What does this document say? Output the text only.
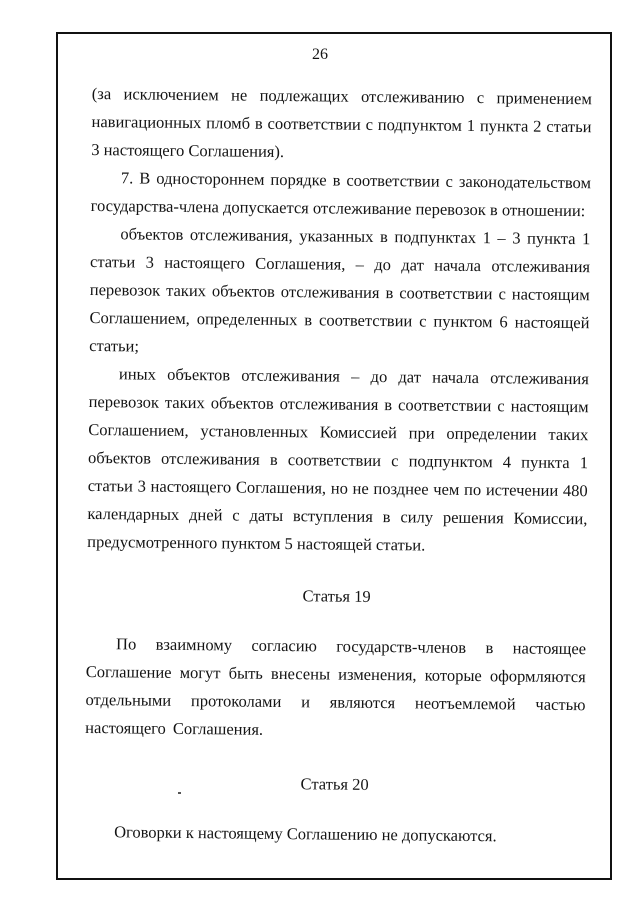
26

(за исключением не подлежащих отслеживанию с применением навигационных пломб в соответствии с подпунктом 1 пункта 2 статьи 3 настоящего Соглашения).

7. В одностороннем порядке в соответствии с законодательством государства-члена допускается отслеживание перевозок в отношении:

объектов отслеживания, указанных в подпунктах 1 – 3 пункта 1 статьи 3 настоящего Соглашения, – до дат начала отслеживания перевозок таких объектов отслеживания в соответствии с настоящим Соглашением, определенных в соответствии с пунктом 6 настоящей статьи;

иных объектов отслеживания – до дат начала отслеживания перевозок таких объектов отслеживания в соответствии с настоящим Соглашением, установленных Комиссией при определении таких объектов отслеживания в соответствии с подпунктом 4 пункта 1 статьи 3 настоящего Соглашения, но не позднее чем по истечении 480 календарных дней с даты вступления в силу решения Комиссии, предусмотренного пунктом 5 настоящей статьи.

Статья 19

По взаимному согласию государств-членов в настоящее Соглашение могут быть внесены изменения, которые оформляются отдельными протоколами и являются неотъемлемой частью настоящего Соглашения.

Статья 20

Оговорки к настоящему Соглашению не допускаются.
